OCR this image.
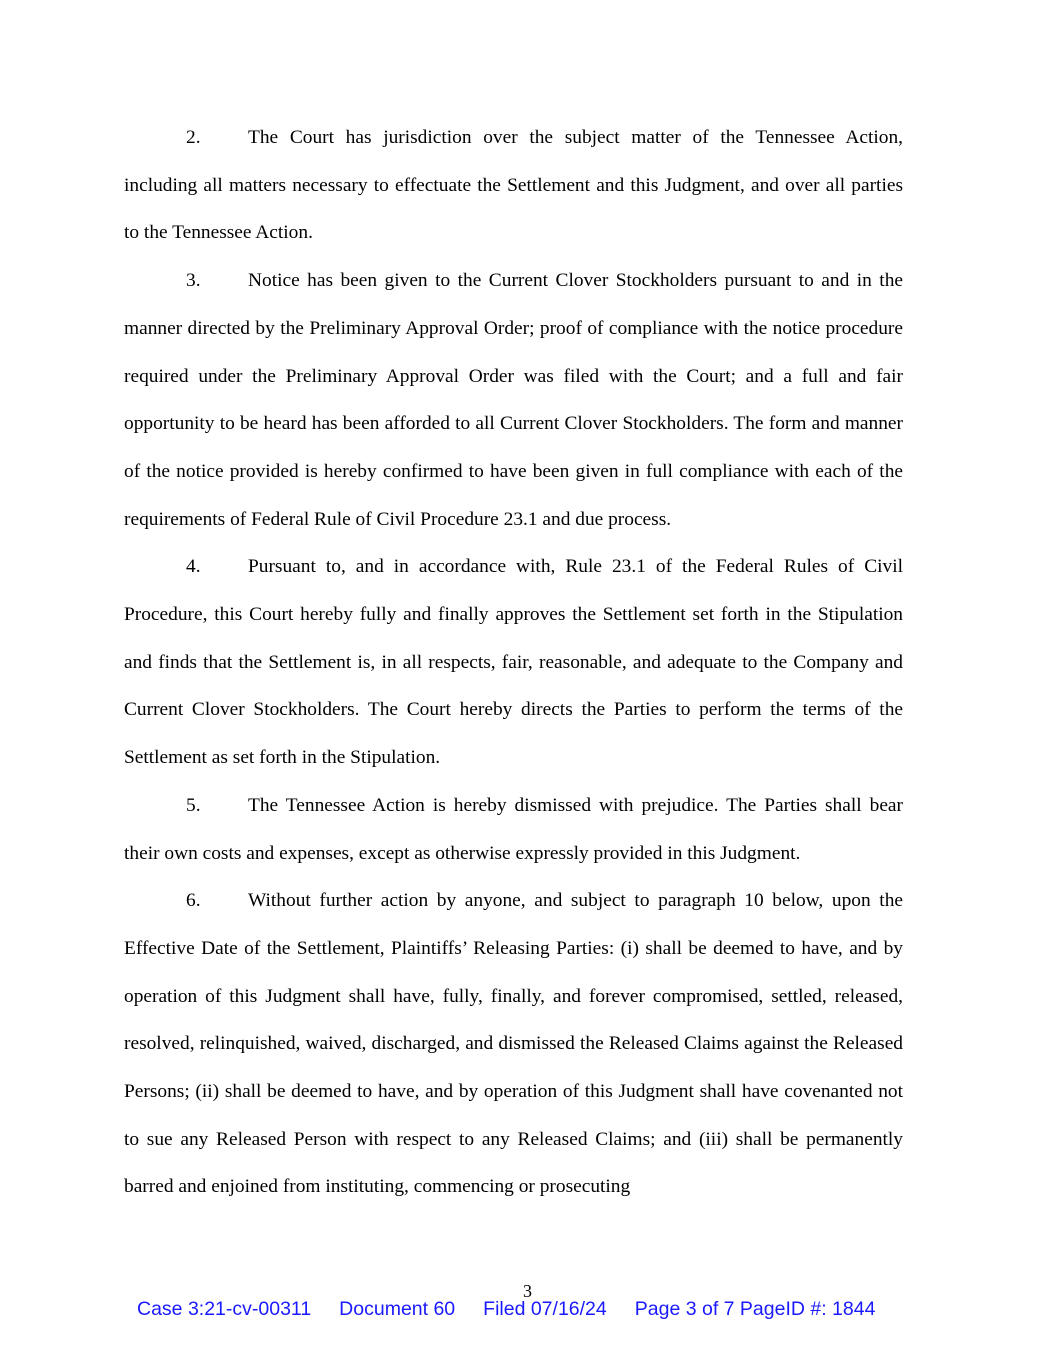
2. The Court has jurisdiction over the subject matter of the Tennessee Action, including all matters necessary to effectuate the Settlement and this Judgment, and over all parties to the Tennessee Action.

3. Notice has been given to the Current Clover Stockholders pursuant to and in the manner directed by the Preliminary Approval Order; proof of compliance with the notice procedure required under the Preliminary Approval Order was filed with the Court; and a full and fair opportunity to be heard has been afforded to all Current Clover Stockholders. The form and manner of the notice provided is hereby confirmed to have been given in full compliance with each of the requirements of Federal Rule of Civil Procedure 23.1 and due process.

4. Pursuant to, and in accordance with, Rule 23.1 of the Federal Rules of Civil Procedure, this Court hereby fully and finally approves the Settlement set forth in the Stipulation and finds that the Settlement is, in all respects, fair, reasonable, and adequate to the Company and Current Clover Stockholders. The Court hereby directs the Parties to perform the terms of the Settlement as set forth in the Stipulation.

5. The Tennessee Action is hereby dismissed with prejudice. The Parties shall bear their own costs and expenses, except as otherwise expressly provided in this Judgment.

6. Without further action by anyone, and subject to paragraph 10 below, upon the Effective Date of the Settlement, Plaintiffs’ Releasing Parties: (i) shall be deemed to have, and by operation of this Judgment shall have, fully, finally, and forever compromised, settled, released, resolved, relinquished, waived, discharged, and dismissed the Released Claims against the Released Persons; (ii) shall be deemed to have, and by operation of this Judgment shall have covenanted not to sue any Released Person with respect to any Released Claims; and (iii) shall be permanently barred and enjoined from instituting, commencing or prosecuting

3
Case 3:21-cv-00311 Document 60 Filed 07/16/24 Page 3 of 7 PageID #: 1844
